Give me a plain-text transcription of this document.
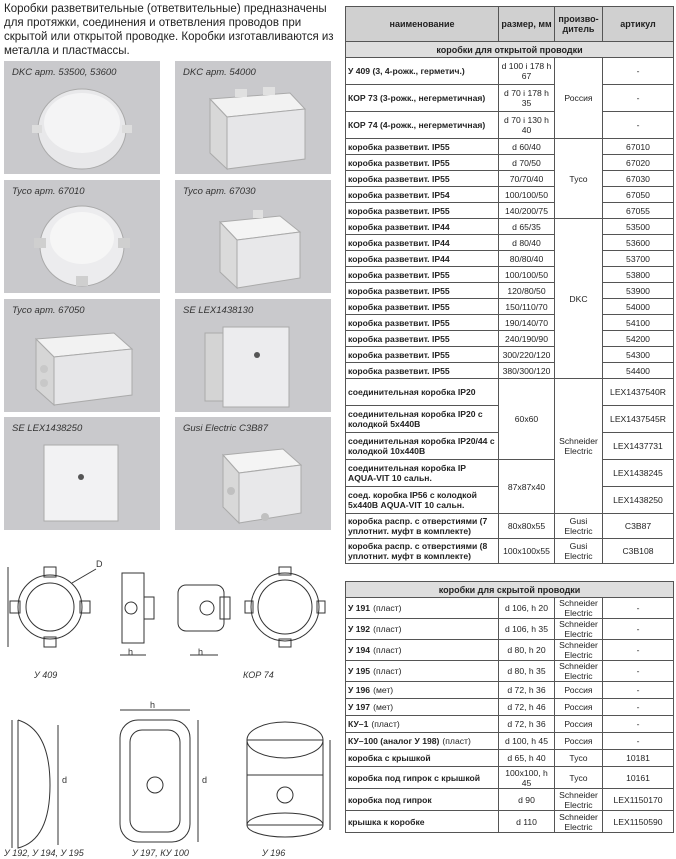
Коробки разветвительные (ответвительные) предназначены для протяжки, соединения и ответвления проводов при скрытой или открытой проводке. Коробки изготавливаются из металла и пластмассы.
DKC арт. 53500, 53600	DKC арт. 54000
Tyco арт. 67010	Tyco арт. 67030
Tyco арт. 67050	SE LEX1438130
SE LEX1438250	Gusi Electric С3В87
D
h	h
h
d	d
У 409	КОР 74
У 192, У 194, У 195	У 197, КУ 100	У 196
наименование	размер, мм	произво-дитель	артикул
коробки для открытой проводки			
У 409 (3, 4-рожк., герметич.)	d 100 і 178 h 67	Россия	-
КОР 73 (3-рожк., негерметичная)	d 70 і 178 h 35		-
КОР 74 (4-рожк., негерметичная)	d 70 і 130 h 40		-
коробка разветвит. IP55	d 60/40	Tyco	67010
коробка разветвит. IP55	d 70/50		67020
коробка разветвит. IP55	70/70/40		67030
коробка разветвит. IP54	100/100/50		67050
коробка разветвит. IP55	140/200/75		67055
коробка разветвит. IP44	d 65/35	DKC	53500
коробка разветвит. IP44	d 80/40		53600
коробка разветвит. IP44	80/80/40		53700
коробка разветвит. IP55	100/100/50		53800
коробка разветвит. IP55	120/80/50		53900
коробка разветвит. IP55	150/110/70		54000
коробка разветвит. IP55	190/140/70		54100
коробка разветвит. IP55	240/190/90		54200
коробка разветвит. IP55	300/220/120		54300
коробка разветвит. IP55	380/300/120		54400
соединительная коробка IP20	60х60	Schneider Electric	LEX1437540R
соединительная коробка IP20 с колодкой 5х440В			LEX1437545R
соединительная коробка IP20/44 с колодкой 10х440В			LEX1437731
соединительная коробка IP AQUA-VIT 10 сальн.	87х87х40		LEX1438245
соед. коробка IP56 с колодкой 5х440В AQUA-VIT 10 сальн.			LEX1438250
коробка распр. с отверстиями (7 уплотнит. муфт в комплекте)	80х80х55	Gusi Electric	С3В87
коробка распр. с отверстиями (8 уплотнит. муфт в комплекте)	100х100х55	Gusi Electric	С3В108
коробки для скрытой проводки			
У 191 (пласт)	d 106, h 20	Schneider Electric	-
У 192 (пласт)	d 106, h 35	Schneider Electric	-
У 194 (пласт)	d 80, h 20	Schneider Electric	-
У 195 (пласт)	d 80, h 35	Schneider Electric	-
У 196 (мет)	d 72, h 36	Россия	-
У 197 (мет)	d 72, h 46	Россия	-
КУ–1 (пласт)	d 72, h 36	Россия	-
КУ–100 (аналог У 198) (пласт)	d 100, h 45	Россия	-
коробка с крышкой	d 65, h 40	Tyco	10181
коробка под гипрок с крышкой	100х100, h 45	Tyco	10161
коробка под гипрок	d 90	Schneider Electric	LEX1150170
крышка к коробке	d 110	Schneider Electric	LEX1150590
